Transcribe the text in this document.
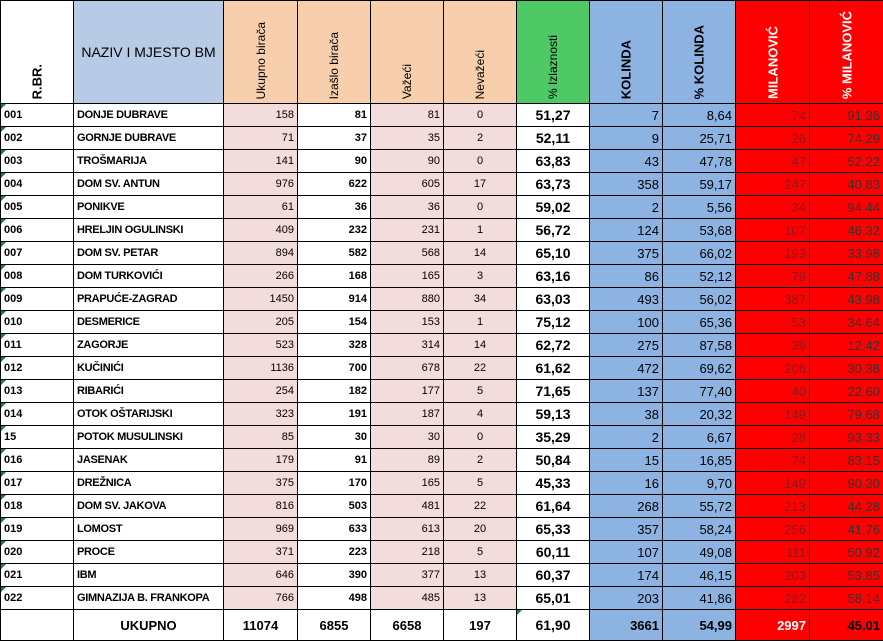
R.BR.	NAZIV I MJESTO BM	Ukupno birača	Izašlo birača	Važeći	Nevažeći	% Izlaznosti	KOLINDA	% KOLINDA	MILANOVIĆ	% MILANOVIĆ

001	DONJE DUBRAVE	158	81	81	0	51,27	7	8,64	74	91,36

002	GORNJE DUBRAVE	71	37	35	2	52,11	9	25,71	26	74,29

003	TROŠMARIJA	141	90	90	0	63,83	43	47,78	47	52,22

004	DOM SV. ANTUN	976	622	605	17	63,73	358	59,17	247	40,83

005	PONIKVE	61	36	36	0	59,02	2	5,56	34	94,44

006	HRELJIN OGULINSKI	409	232	231	1	56,72	124	53,68	107	46,32

007	DOM SV. PETAR	894	582	568	14	65,10	375	66,02	193	33,98

008	DOM TURKOVIĆI	266	168	165	3	63,16	86	52,12	79	47,88

009	PRAPUĆE-ZAGRAD	1450	914	880	34	63,03	493	56,02	387	43,98

010	DESMERICE	205	154	153	1	75,12	100	65,36	53	34,64

011	ZAGORJE	523	328	314	14	62,72	275	87,58	39	12,42

012	KUČINIĆI	1136	700	678	22	61,62	472	69,62	206	30,38

013	RIBARIĆI	254	182	177	5	71,65	137	77,40	40	22,60

014	OTOK OŠTARIJSKI	323	191	187	4	59,13	38	20,32	149	79,68

15	POTOK MUSULINSKI	85	30	30	0	35,29	2	6,67	28	93,33

016	JASENAK	179	91	89	2	50,84	15	16,85	74	83,15

017	DREŽNICA	375	170	165	5	45,33	16	9,70	149	90,30

018	DOM SV. JAKOVA	816	503	481	22	61,64	268	55,72	213	44,28

019	LOMOST	969	633	613	20	65,33	357	58,24	256	41,76

020	PROCE	371	223	218	5	60,11	107	49,08	111	50,92

021	IBM	646	390	377	13	60,37	174	46,15	203	53,85

022	GIMNAZIJA B. FRANKOPA	766	498	485	13	65,01	203	41,86	282	58,14
	UKUPNO	11074	6855	6658	197	61,90	3661	54,99	2997	45,01
